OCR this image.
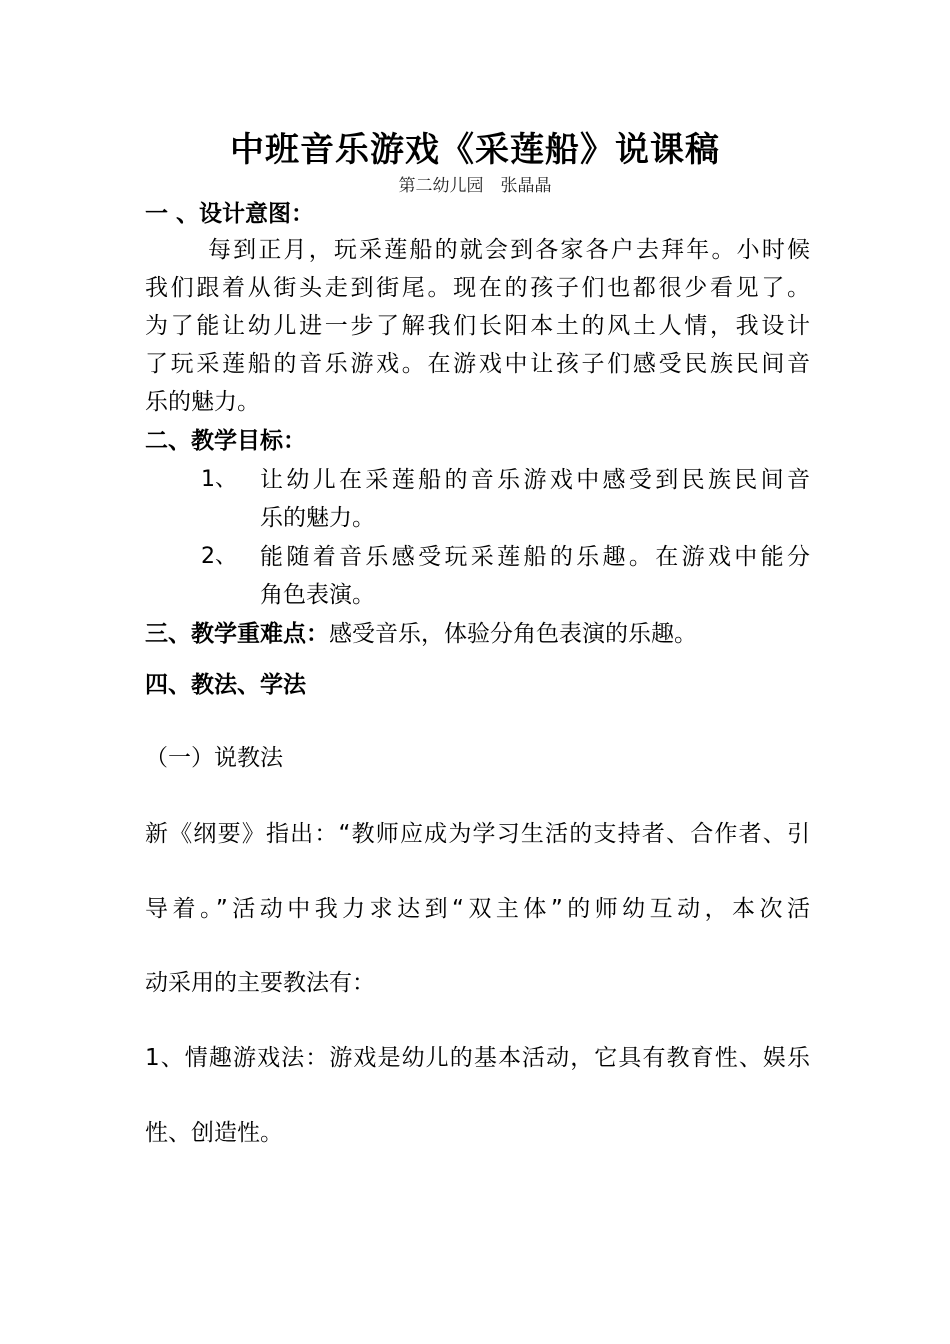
中班音乐游戏《采莲船》说课稿
第二幼儿园　张晶晶
一 、设计意图：
每到正月，玩采莲船的就会到各家各户去拜年。小时候
我们跟着从街头走到街尾。现在的孩子们也都很少看见了。
为了能让幼儿进一步了解我们长阳本土的风土人情，我设计
了玩采莲船的音乐游戏。在游戏中让孩子们感受民族民间音
乐的魅力。
二、教学目标：
1、 让幼儿在采莲船的音乐游戏中感受到民族民间音
乐的魅力。
2、 能随着音乐感受玩采莲船的乐趣。在游戏中能分
角色表演。
三、教学重难点：感受音乐，体验分角色表演的乐趣。
四、教法、学法
（一）说教法
新《纲要》指出：“教师应成为学习生活的支持者、合作者、引
导着。”活动中我力求达到“双主体”的师幼互动，本次活
动采用的主要教法有：
1、情趣游戏法：游戏是幼儿的基本活动，它具有教育性、娱乐
性、创造性。
